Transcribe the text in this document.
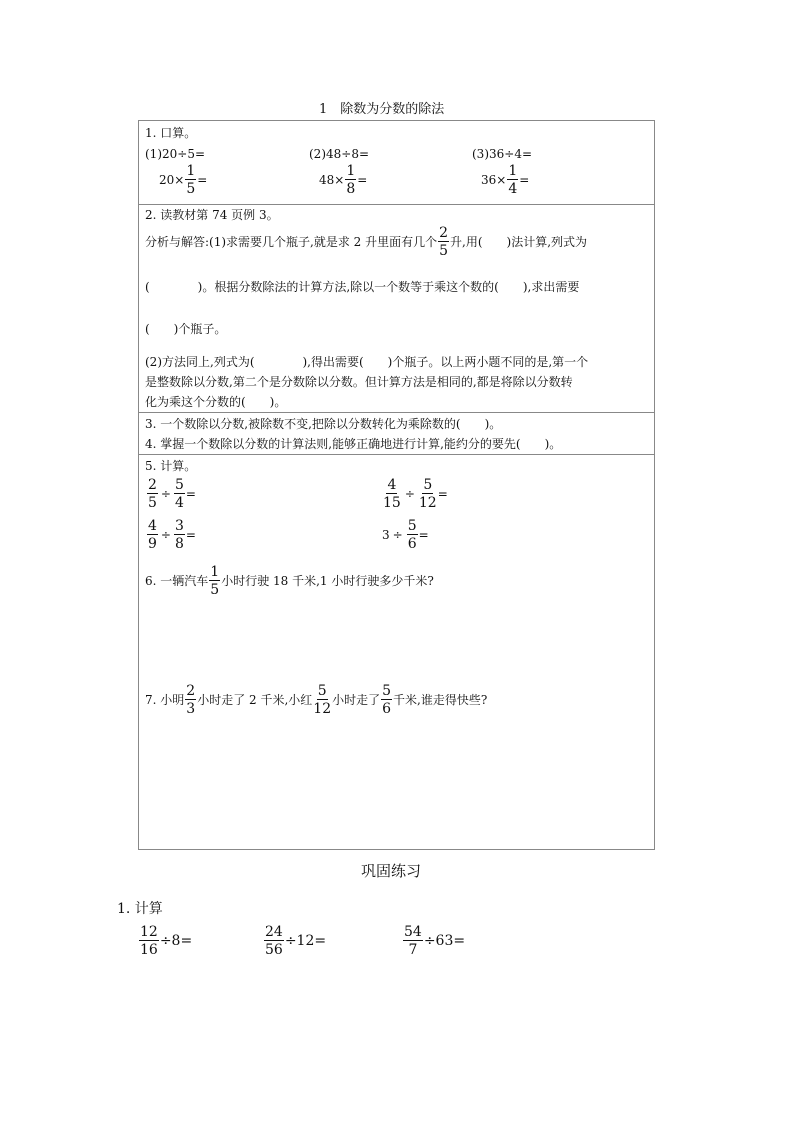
1　除数为分数的除法
1. 口算。
(1)20÷5=	(2)48÷8=	(3)36÷4=
$20\times \frac{1}{5}$ =	$48\times \frac{1}{8}$ =	$36\times \frac{1}{4}$ =
2. 读教材第 74 页例 3。
分析与解答:(1)求需要几个瓶子,就是求 2 升里面有几个 $\frac{2}{5}$ 升,用(　　)法计算,列式为
(　　　　)。根据分数除法的计算方法,除以一个数等于乘这个数的(　　),求出需要
(　　)个瓶子。
(2)方法同上,列式为(　　　　),得出需要(　　)个瓶子。以上两小题不同的是,第一个
是整数除以分数,第二个是分数除以分数。但计算方法是相同的,都是将除以分数转
化为乘这个分数的(　　)。
3. 一个数除以分数,被除数不变,把除以分数转化为乘除数的(　　)。
4. 掌握一个数除以分数的计算法则,能够正确地进行计算,能约分的要先(　　)。
5. 计算。
$\frac{2}{5} \div \frac{5}{4}$ =	$\frac{4}{15} \div \frac{5}{12}$ =
$\frac{4}{9} \div \frac{3}{8}$ =	$3 \div \frac{5}{6}$ =
6. 一辆汽车 $\frac{1}{5}$ 小时行驶 18 千米,1 小时行驶多少千米?
7. 小明 $\frac{2}{3}$ 小时走了 2 千米,小红 $\frac{5}{12}$ 小时走了 $\frac{5}{6}$ 千米,谁走得快些?
巩固练习
1. 计算
$\frac{12}{16} \div 8=$	$\frac{24}{56} \div 12=$	$\frac{54}{7} \div 63=$
